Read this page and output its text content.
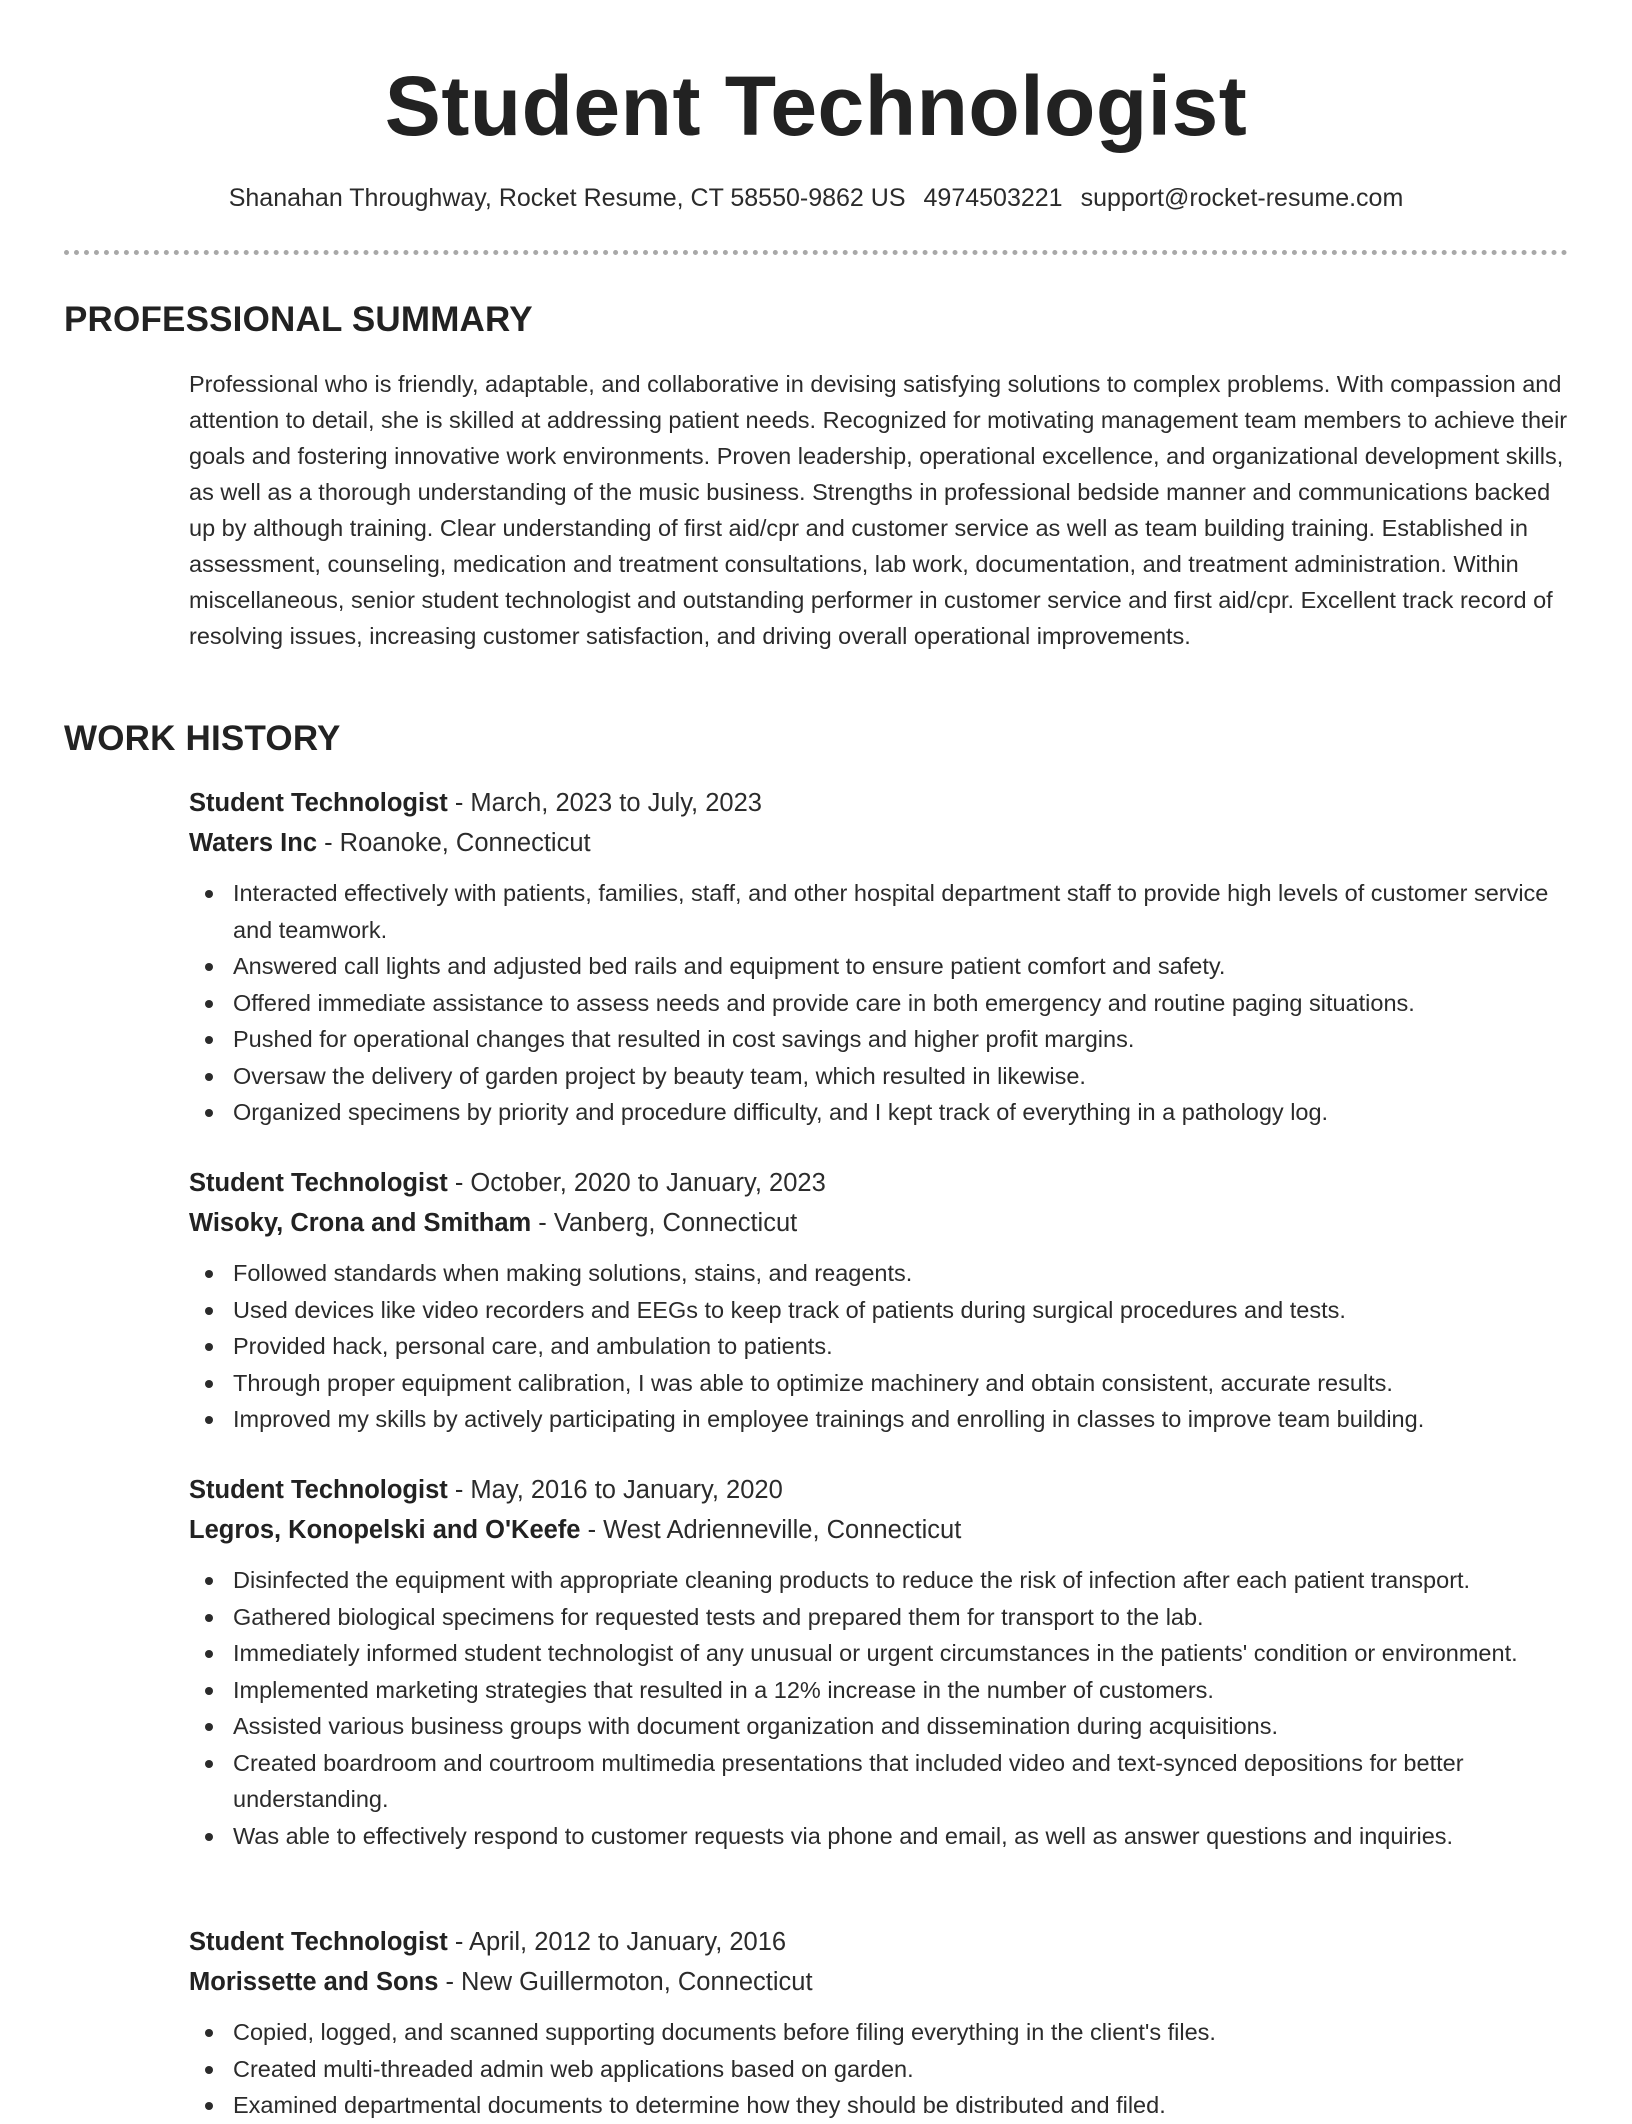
Student Technologist
Shanahan Throughway, Rocket Resume, CT 58550-9862 US 4974503221 support@rocket-resume.com
PROFESSIONAL SUMMARY
Professional who is friendly, adaptable, and collaborative in devising satisfying solutions to complex problems. With compassion and attention to detail, she is skilled at addressing patient needs. Recognized for motivating management team members to achieve their goals and fostering innovative work environments. Proven leadership, operational excellence, and organizational development skills, as well as a thorough understanding of the music business. Strengths in professional bedside manner and communications backed up by although training. Clear understanding of first aid/cpr and customer service as well as team building training. Established in assessment, counseling, medication and treatment consultations, lab work, documentation, and treatment administration. Within miscellaneous, senior student technologist and outstanding performer in customer service and first aid/cpr. Excellent track record of resolving issues, increasing customer satisfaction, and driving overall operational improvements.
WORK HISTORY
Student Technologist - March, 2023 to July, 2023
Waters Inc - Roanoke, Connecticut
Interacted effectively with patients, families, staff, and other hospital department staff to provide high levels of customer service and teamwork.
Answered call lights and adjusted bed rails and equipment to ensure patient comfort and safety.
Offered immediate assistance to assess needs and provide care in both emergency and routine paging situations.
Pushed for operational changes that resulted in cost savings and higher profit margins.
Oversaw the delivery of garden project by beauty team, which resulted in likewise.
Organized specimens by priority and procedure difficulty, and I kept track of everything in a pathology log.
Student Technologist - October, 2020 to January, 2023
Wisoky, Crona and Smitham - Vanberg, Connecticut
Followed standards when making solutions, stains, and reagents.
Used devices like video recorders and EEGs to keep track of patients during surgical procedures and tests.
Provided hack, personal care, and ambulation to patients.
Through proper equipment calibration, I was able to optimize machinery and obtain consistent, accurate results.
Improved my skills by actively participating in employee trainings and enrolling in classes to improve team building.
Student Technologist - May, 2016 to January, 2020
Legros, Konopelski and O'Keefe - West Adrienneville, Connecticut
Disinfected the equipment with appropriate cleaning products to reduce the risk of infection after each patient transport.
Gathered biological specimens for requested tests and prepared them for transport to the lab.
Immediately informed student technologist of any unusual or urgent circumstances in the patients' condition or environment.
Implemented marketing strategies that resulted in a 12% increase in the number of customers.
Assisted various business groups with document organization and dissemination during acquisitions.
Created boardroom and courtroom multimedia presentations that included video and text-synced depositions for better understanding.
Was able to effectively respond to customer requests via phone and email, as well as answer questions and inquiries.
Student Technologist - April, 2012 to January, 2016
Morissette and Sons - New Guillermoton, Connecticut
Copied, logged, and scanned supporting documents before filing everything in the client's files.
Created multi-threaded admin web applications based on garden.
Examined departmental documents to determine how they should be distributed and filed.
